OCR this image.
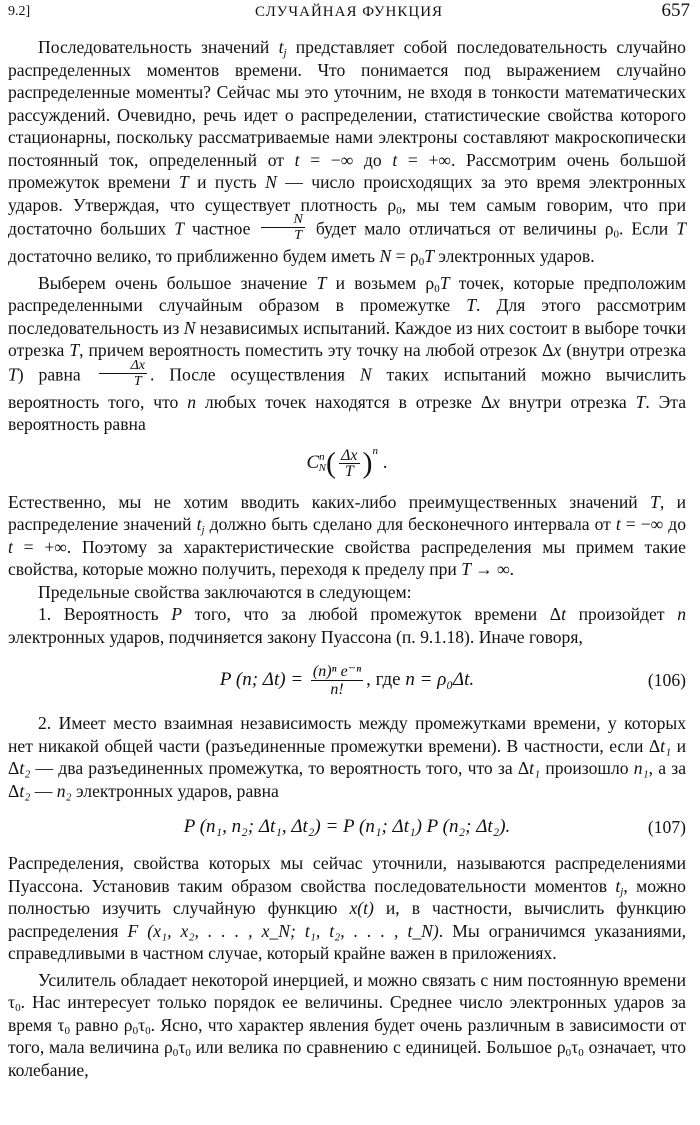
9.2]	СЛУЧАЙНАЯ ФУНКЦИЯ	657

Последовательность значений $t_j$ представляет собой последовательность случайно распределенных моментов времени. Что понимается под выражением случайно распределенные моменты? Сейчас мы это уточним, не входя в тонкости математических рассуждений. Очевидно, речь идет о распределении, статистические свойства которого стационарны, поскольку рассматриваемые нами электроны составляют макроскопически постоянный ток, определенный от t = −∞ до t = +∞. Рассмотрим очень большой промежуток времени T и пусть N — число происходящих за это время электронных ударов. Утверждая, что существует плотность $\rho_0$, мы тем самым говорим, что при достаточно больших T частное $\frac{N}{T}$ будет мало отличаться от величины $\rho_0$. Если T достаточно велико, то приближенно будем иметь $N = \rho_0T$ электронных ударов.

Выберем очень большое значение T и возьмем $\rho_0T$ точек, которые предположим распределенными случайным образом в промежутке T. Для этого рассмотрим последовательность из N независимых испытаний. Каждое из них состоит в выборе точки отрезка T, причем вероятность поместить эту точку на любой отрезок Δx (внутри отрезка T) равна $\frac{\Delta x}{T}$ . После осуществления N таких испытаний можно вычислить вероятность того, что n любых точек находятся в отрезке Δx внутри отрезка T. Эта вероятность равна

$C^n_N( \frac{\Delta x}{T} )^n$ .

Естественно, мы не хотим вводить каких-либо преимущественных значений T, и распределение значений $t_j$ должно быть сделано для бесконечного интервала от t = −∞ до t = +∞. Поэтому за характеристические свойства распределения мы примем такие свойства, которые можно получить, переходя к пределу при T → ∞.

Предельные свойства заключаются в следующем:

1. Вероятность P того, что за любой промежуток времени Δt произойдет n электронных ударов, подчиняется закону Пуассона (п. 9.1.18). Иначе говоря,

P (n; $\Delta t) = \frac{\text{(n)ⁿ e⁻ⁿ}}{n!}$ , где n = ρ₀Δt.	(106)

2. Имеет место взаимная независимость между промежутками времени, у которых нет никакой общей части (разъединенные промежутки времени). В частности, если Δt₁ и Δt₂ — два разъединенных промежутка, то вероятность того, что за Δt₁ произошло n₁, а за Δt₂ — n₂ электронных ударов, равна

P (n₁, n₂; Δt₁, Δt₂) = P (n₁; Δt₁) P (n₂; Δt₂).	(107)

Распределения, свойства которых мы сейчас уточнили, называются распределениями Пуассона. Установив таким образом свойства последовательности моментов $t_j$, можно полностью изучить случайную функцию x(t) и, в частности, вычислить функцию распределения F (x₁, x₂, . . . , x_N; t₁, t₂, . . . , t_N). Мы ограничимся указаниями, справедливыми в частном случае, который крайне важен в приложениях.

Усилитель обладает некоторой инерцией, и можно связать с ним постоянную времени $\tau_0$. Нас интересует только порядок ее величины. Среднее число электронных ударов за время $\tau_0$ равно $\rho_0\tau_0$. Ясно, что характер явления будет очень различным в зависимости от того, мала величина $\rho_0\tau_0$ или велика по сравнению с единицей. Большое $\rho_0\tau_0$ означает, что колебание,
